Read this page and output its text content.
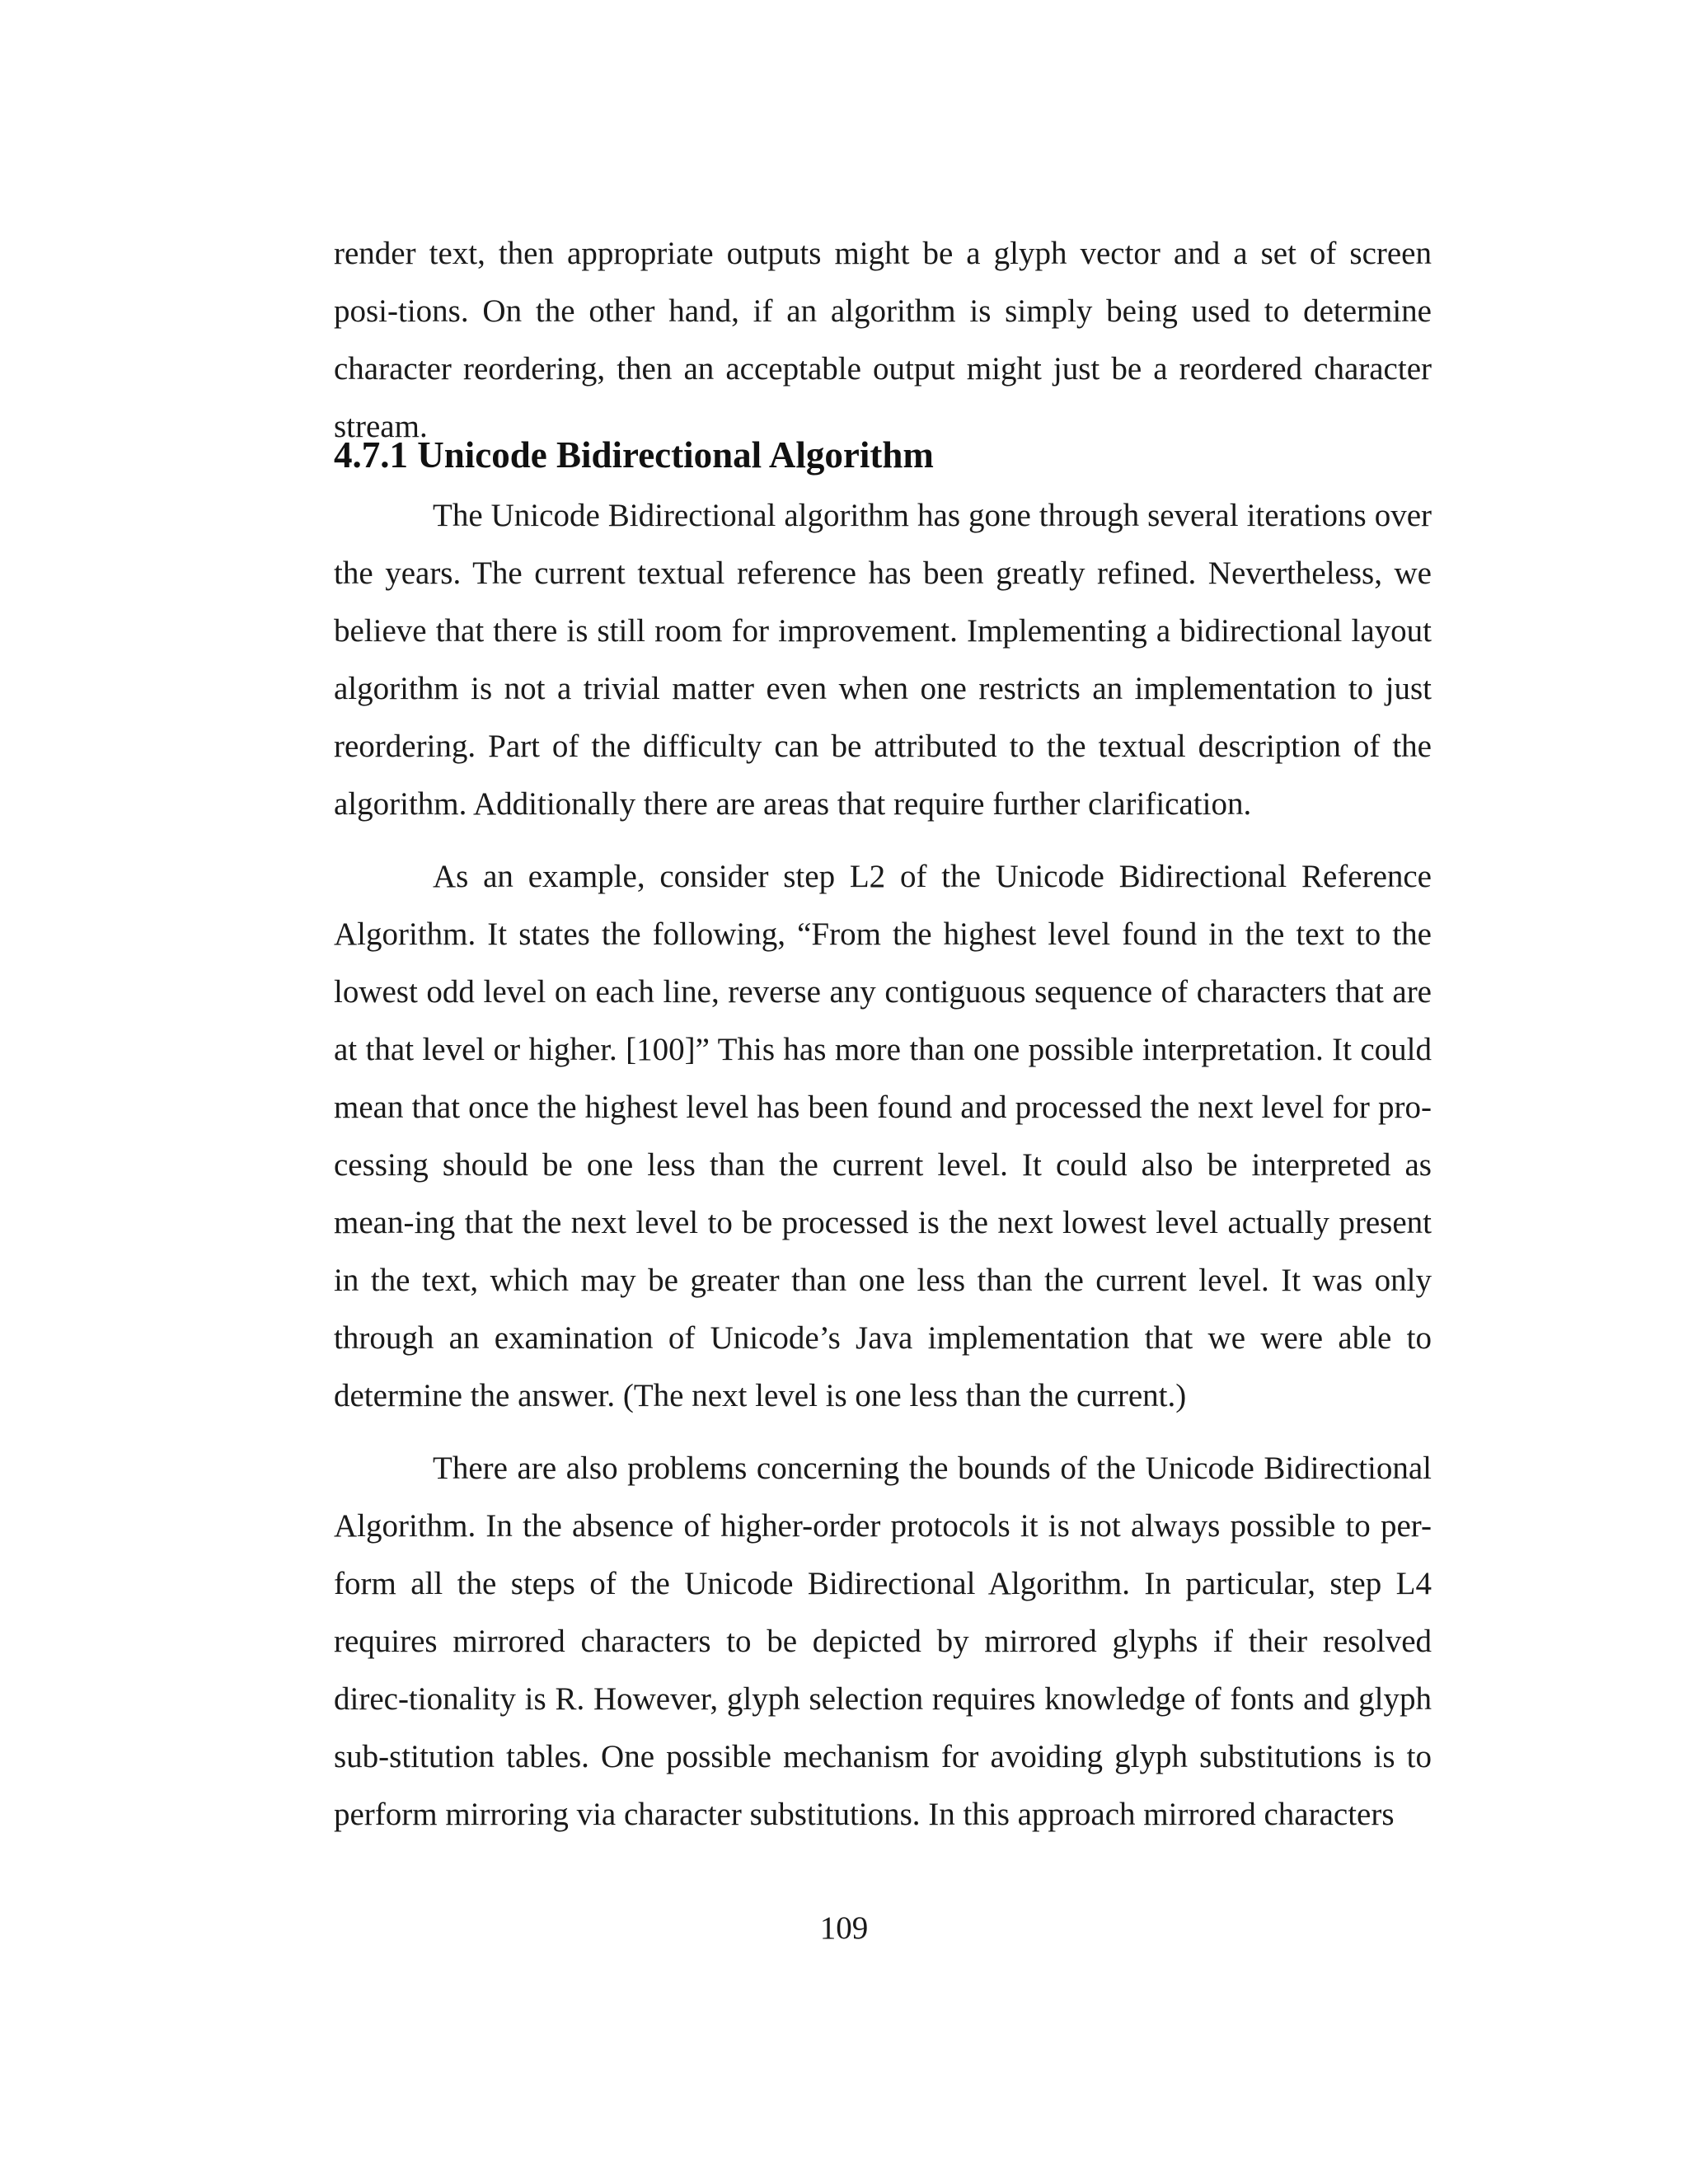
render text, then appropriate outputs might be a glyph vector and a set of screen posi-tions. On the other hand, if an algorithm is simply being used to determine character reordering, then an acceptable output might just be a reordered character stream.

4.7.1 Unicode Bidirectional Algorithm

The Unicode Bidirectional algorithm has gone through several iterations over the years. The current textual reference has been greatly refined. Nevertheless, we believe that there is still room for improvement. Implementing a bidirectional layout algorithm is not a trivial matter even when one restricts an implementation to just reordering. Part of the difficulty can be attributed to the textual description of the algorithm. Additionally there are areas that require further clarification.

As an example, consider step L2 of the Unicode Bidirectional Reference Algorithm. It states the following, “From the highest level found in the text to the lowest odd level on each line, reverse any contiguous sequence of characters that are at that level or higher. [100]” This has more than one possible interpretation. It could mean that once the highest level has been found and processed the next level for pro-cessing should be one less than the current level. It could also be interpreted as mean-ing that the next level to be processed is the next lowest level actually present in the text, which may be greater than one less than the current level. It was only through an examination of Unicode’s Java implementation that we were able to determine the answer. (The next level is one less than the current.)

There are also problems concerning the bounds of the Unicode Bidirectional Algorithm. In the absence of higher-order protocols it is not always possible to per-form all the steps of the Unicode Bidirectional Algorithm. In particular, step L4 requires mirrored characters to be depicted by mirrored glyphs if their resolved direc-tionality is R. However, glyph selection requires knowledge of fonts and glyph sub-stitution tables. One possible mechanism for avoiding glyph substitutions is to perform mirroring via character substitutions. In this approach mirrored characters

109
